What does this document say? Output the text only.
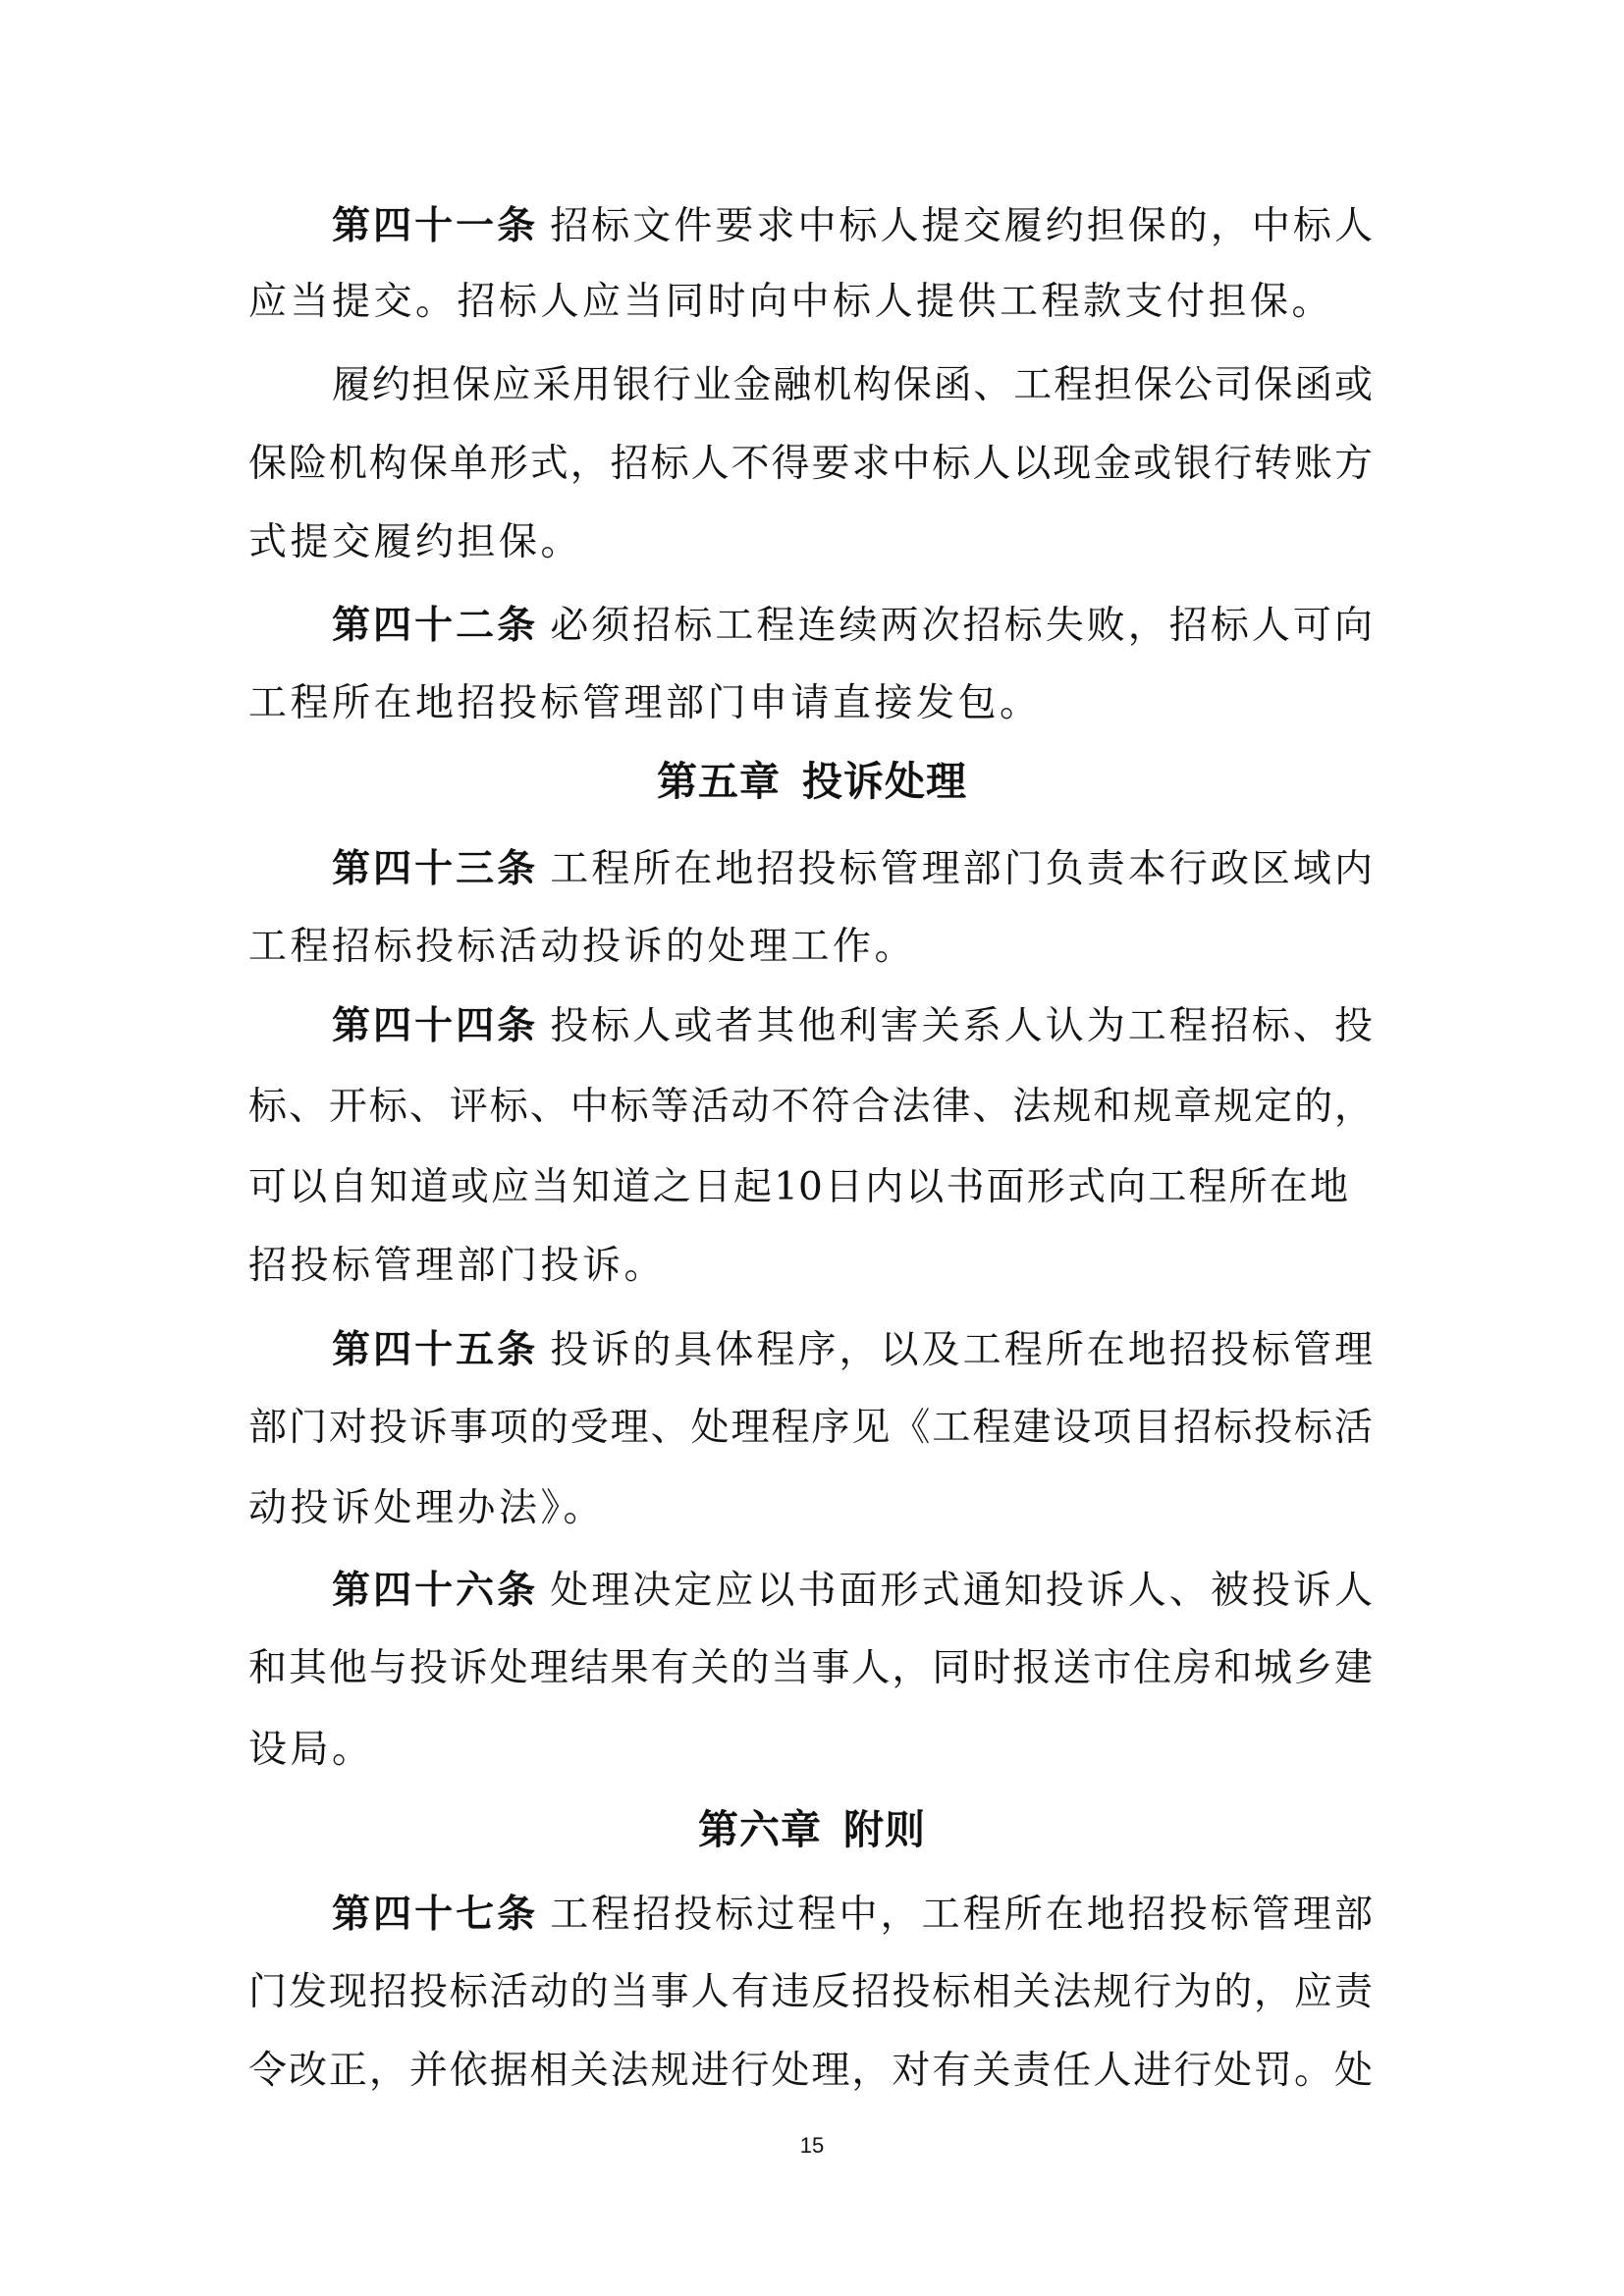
第四十一条 招标文件要求中标人提交履约担保的，中标人
应当提交。招标人应当同时向中标人提供工程款支付担保。
履约担保应采用银行业金融机构保函、工程担保公司保函或
保险机构保单形式，招标人不得要求中标人以现金或银行转账方
式提交履约担保。
第四十二条 必须招标工程连续两次招标失败，招标人可向
工程所在地招投标管理部门申请直接发包。
第五章 投诉处理
第四十三条 工程所在地招投标管理部门负责本行政区域内
工程招标投标活动投诉的处理工作。
第四十四条 投标人或者其他利害关系人认为工程招标、投
标、开标、评标、中标等活动不符合法律、法规和规章规定的，
可以自知道或应当知道之日起10日内以书面形式向工程所在地
招投标管理部门投诉。
第四十五条 投诉的具体程序，以及工程所在地招投标管理
部门对投诉事项的受理、处理程序见《工程建设项目招标投标活
动投诉处理办法》。
第四十六条 处理决定应以书面形式通知投诉人、被投诉人
和其他与投诉处理结果有关的当事人，同时报送市住房和城乡建
设局。
第六章 附则
第四十七条 工程招投标过程中，工程所在地招投标管理部
门发现招投标活动的当事人有违反招投标相关法规行为的，应责
令改正，并依据相关法规进行处理，对有关责任人进行处罚。处
15
